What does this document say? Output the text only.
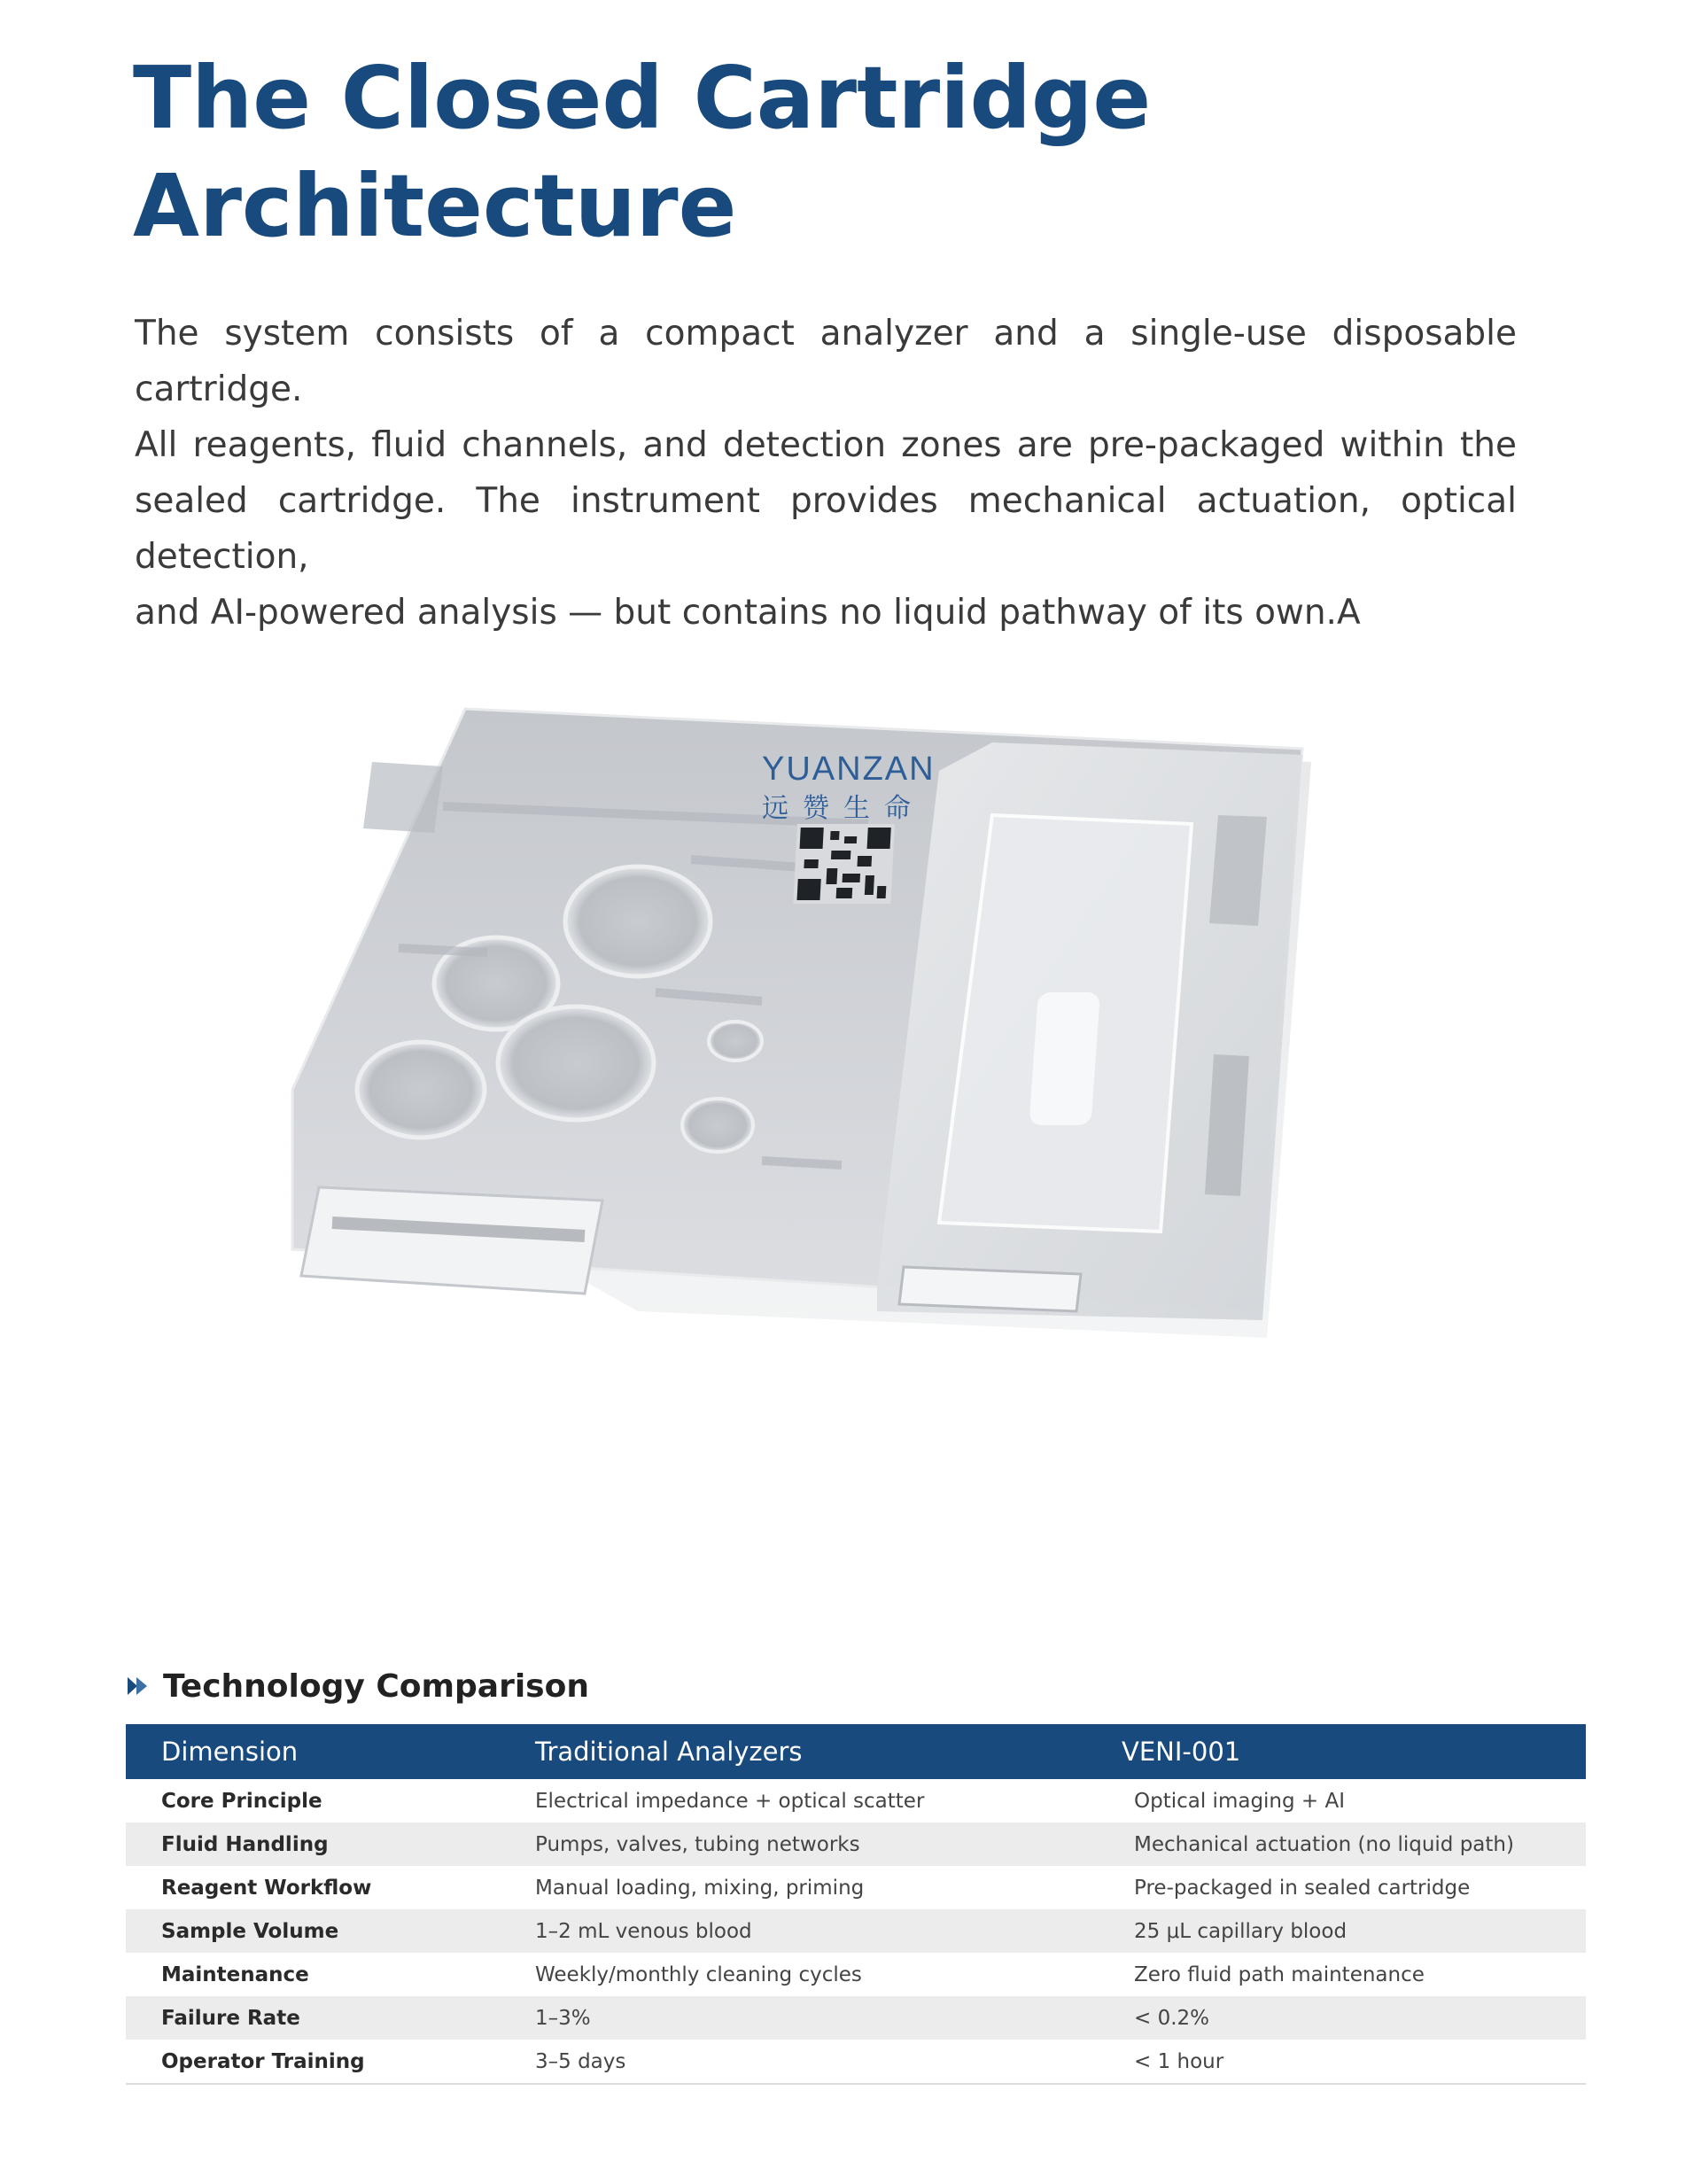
The Closed Cartridge
Architecture

The system consists of a compact analyzer and a single-use disposable cartridge.
All reagents, fluid channels, and detection zones are pre-packaged within the
sealed cartridge. The instrument provides mechanical actuation, optical detection,
and AI-powered analysis — but contains no liquid pathway of its own.A

YUANZAN
远赞生命
Technology Comparison
Dimension	Traditional Analyzers	VENI-001
Core Principle	Electrical impedance + optical scatter	Optical imaging + AI
Fluid Handling	Pumps, valves, tubing networks	Mechanical actuation (no liquid path)
Reagent Workflow	Manual loading, mixing, priming	Pre-packaged in sealed cartridge
Sample Volume	1–2 mL venous blood	25 μL capillary blood
Maintenance	Weekly/monthly cleaning cycles	Zero fluid path maintenance
Failure Rate	1–3%	< 0.2%
Operator Training	3–5 days	< 1 hour
